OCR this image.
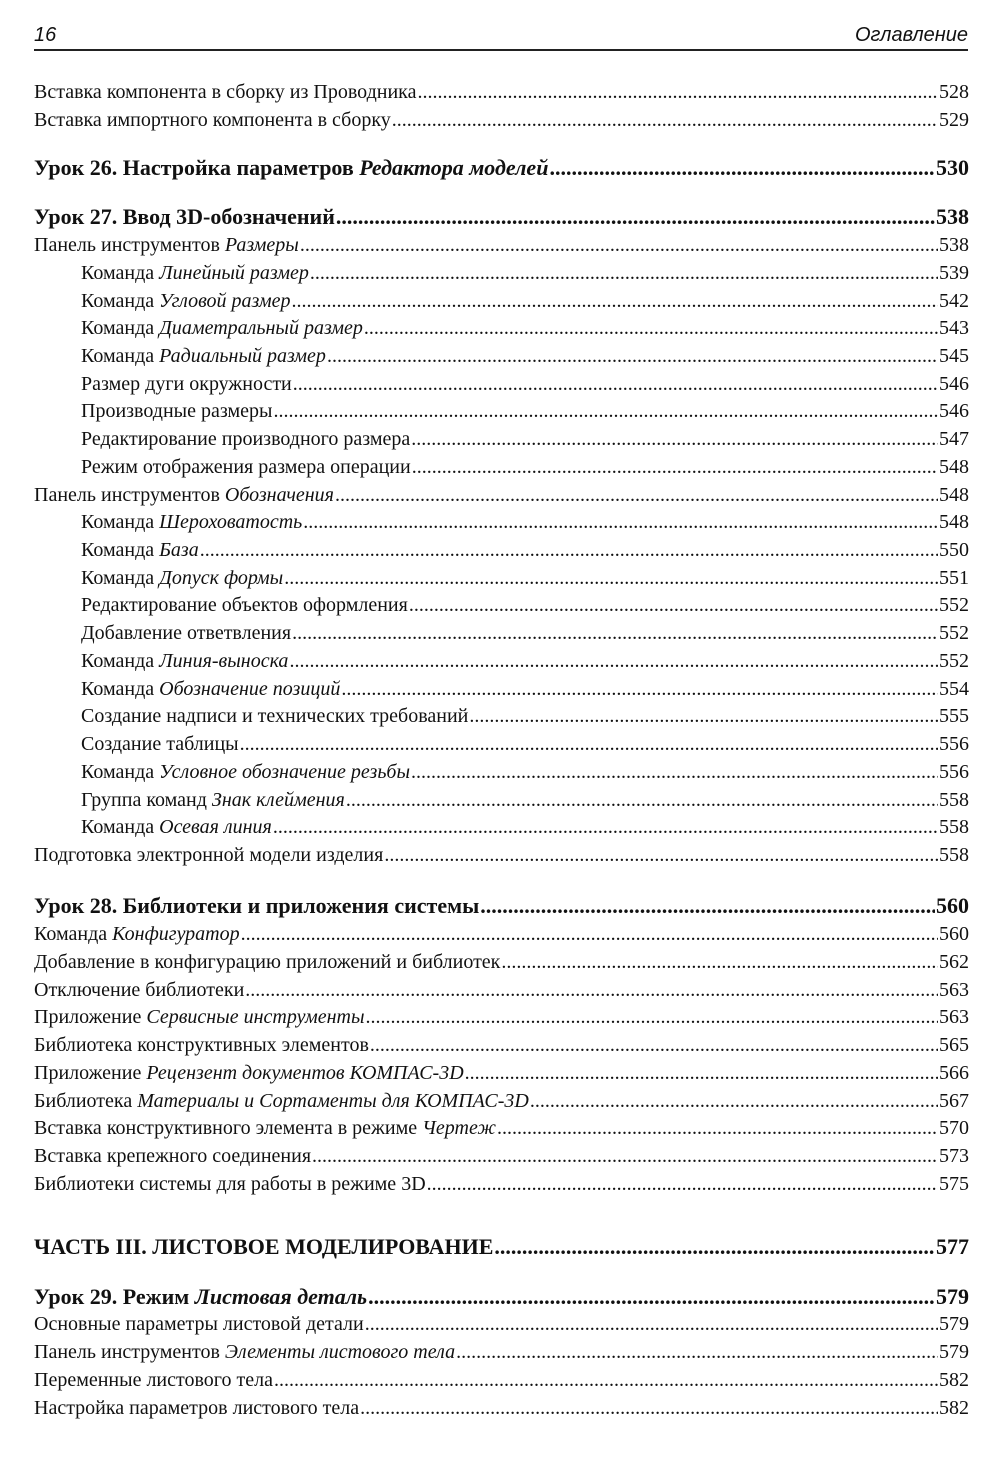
16	Оглавление
Вставка компонента в сборку из Проводника .....	528
Вставка импортного компонента в сборку .....	529
Урок 26. Настройка параметров Редактора моделей .....	530
Урок 27. Ввод 3D-обозначений .....	538
Панель инструментов Размеры .....	538
Команда Линейный размер .....	539
Команда Угловой размер .....	542
Команда Диаметральный размер .....	543
Команда Радиальный размер .....	545
Размер дуги окружности .....	546
Производные размеры .....	546
Редактирование производного размера .....	547
Режим отображения размера операции .....	548
Панель инструментов Обозначения .....	548
Команда Шероховатость .....	548
Команда База .....	550
Команда Допуск формы .....	551
Редактирование объектов оформления .....	552
Добавление ответвления .....	552
Команда Линия-выноска .....	552
Команда Обозначение позиций .....	554
Создание надписи и технических требований .....	555
Создание таблицы .....	556
Команда Условное обозначение резьбы .....	556
Группа команд Знак клеймения .....	558
Команда Осевая линия .....	558
Подготовка электронной модели изделия .....	558
Урок 28. Библиотеки и приложения системы .....	560
Команда Конфигуратор .....	560
Добавление в конфигурацию приложений и библиотек .....	562
Отключение библиотеки .....	563
Приложение Сервисные инструменты .....	563
Библиотека конструктивных элементов .....	565
Приложение Рецензент документов КОМПАС-3D .....	566
Библиотека Материалы и Сортаменты для КОМПАС-3D .....	567
Вставка конструктивного элемента в режиме Чертеж .....	570
Вставка крепежного соединения .....	573
Библиотеки системы для работы в режиме 3D .....	575
ЧАСТЬ III. ЛИСТОВОЕ МОДЕЛИРОВАНИЕ .....	577
Урок 29. Режим Листовая деталь .....	579
Основные параметры листовой детали .....	579
Панель инструментов Элементы листового тела .....	579
Переменные листового тела .....	582
Настройка параметров листового тела .....	582
